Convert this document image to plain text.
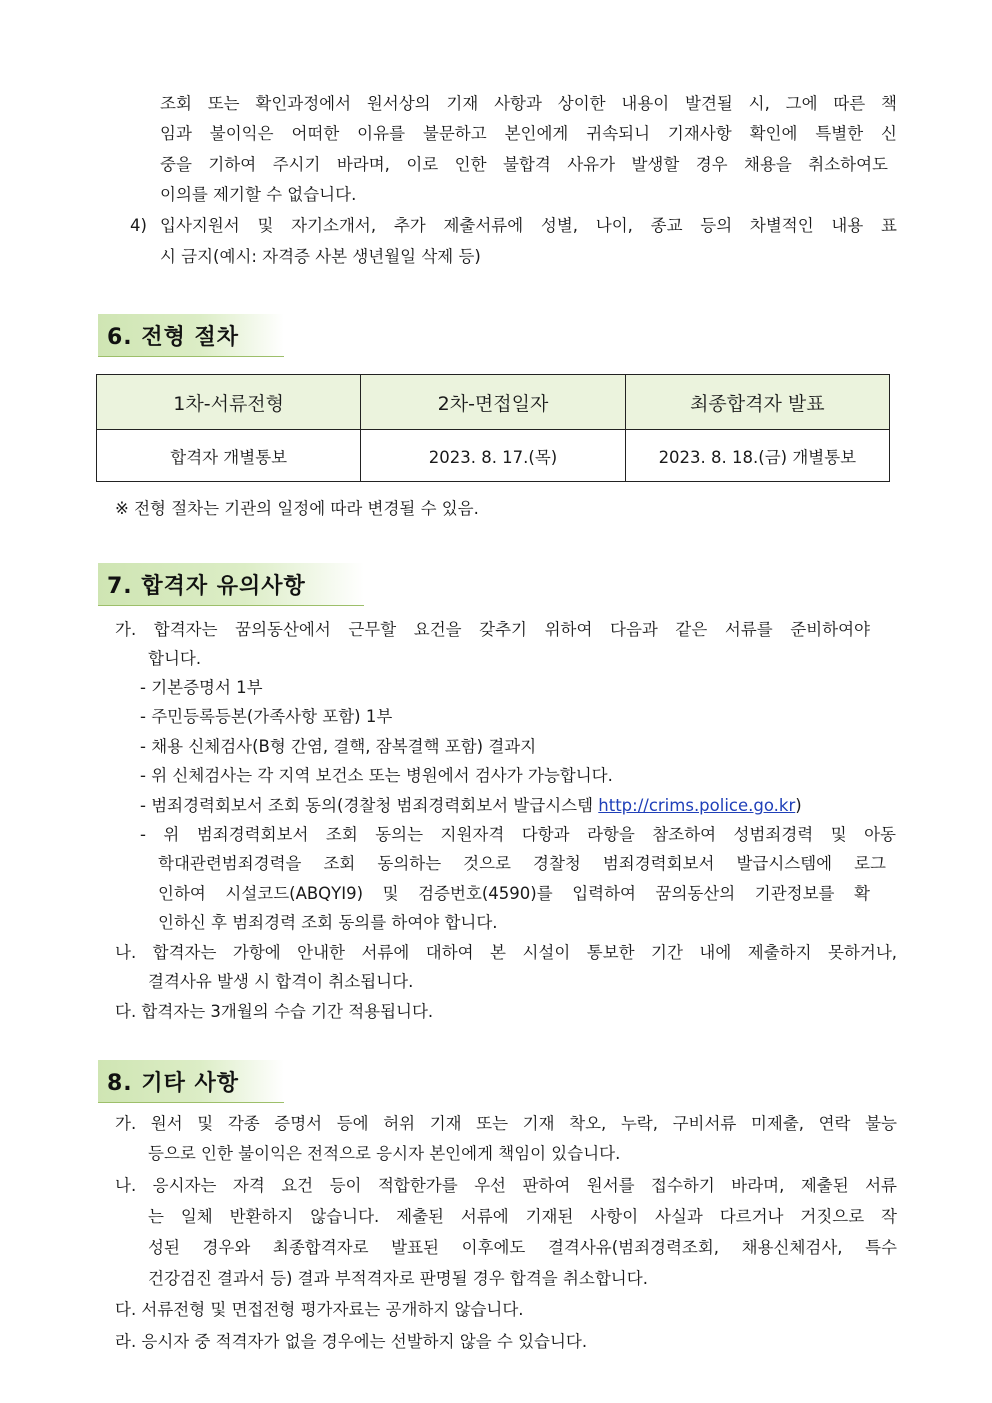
조회 또는 확인과정에서 원서상의 기재 사항과 상이한 내용이 발견될 시, 그에 따른 책
임과 불이익은 어떠한 이유를 불문하고 본인에게 귀속되니 기재사항 확인에 특별한 신
중을 기하여 주시기 바라며, 이로 인한 불합격 사유가 발생할 경우 채용을 취소하여도
이의를 제기할 수 없습니다.
4) 입사지원서 및 자기소개서, 추가 제출서류에 성별, 나이, 종교 등의 차별적인 내용 표
시 금지(예시: 자격증 사본 생년월일 삭제 등)
6. 전형 절차
1차-서류전형	2차-면접일자	최종합격자 발표
합격자 개별통보	2023. 8. 17.(목)	2023. 8. 18.(금) 개별통보
※ 전형 절차는 기관의 일정에 따라 변경될 수 있음.
7. 합격자 유의사항
가. 합격자는 꿈의동산에서 근무할 요건을 갖추기 위하여 다음과 같은 서류를 준비하여야
합니다.
- 기본증명서 1부
- 주민등록등본(가족사항 포함) 1부
- 채용 신체검사(B형 간염, 결핵, 잠복결핵 포함) 결과지
- 위 신체검사는 각 지역 보건소 또는 병원에서 검사가 가능합니다.
- 범죄경력회보서 조회 동의(경찰청 범죄경력회보서 발급시스템 http://crims.police.go.kr)
- 위 범죄경력회보서 조회 동의는 지원자격 다항과 라항을 참조하여 성범죄경력 및 아동
학대관련범죄경력을 조회 동의하는 것으로 경찰청 범죄경력회보서 발급시스템에 로그
인하여 시설코드(ABQYI9) 및 검증번호(4590)를 입력하여 꿈의동산의 기관정보를 확
인하신 후 범죄경력 조회 동의를 하여야 합니다.
나. 합격자는 가항에 안내한 서류에 대하여 본 시설이 통보한 기간 내에 제출하지 못하거나,
결격사유 발생 시 합격이 취소됩니다.
다. 합격자는 3개월의 수습 기간 적용됩니다.
8. 기타 사항
가. 원서 및 각종 증명서 등에 허위 기재 또는 기재 착오, 누락, 구비서류 미제출, 연락 불능
등으로 인한 불이익은 전적으로 응시자 본인에게 책임이 있습니다.
나. 응시자는 자격 요건 등이 적합한가를 우선 판하여 원서를 접수하기 바라며, 제출된 서류
는 일체 반환하지 않습니다. 제출된 서류에 기재된 사항이 사실과 다르거나 거짓으로 작
성된 경우와 최종합격자로 발표된 이후에도 결격사유(범죄경력조회, 채용신체검사, 특수
건강검진 결과서 등) 결과 부적격자로 판명될 경우 합격을 취소합니다.
다. 서류전형 및 면접전형 평가자료는 공개하지 않습니다.
라. 응시자 중 적격자가 없을 경우에는 선발하지 않을 수 있습니다.
